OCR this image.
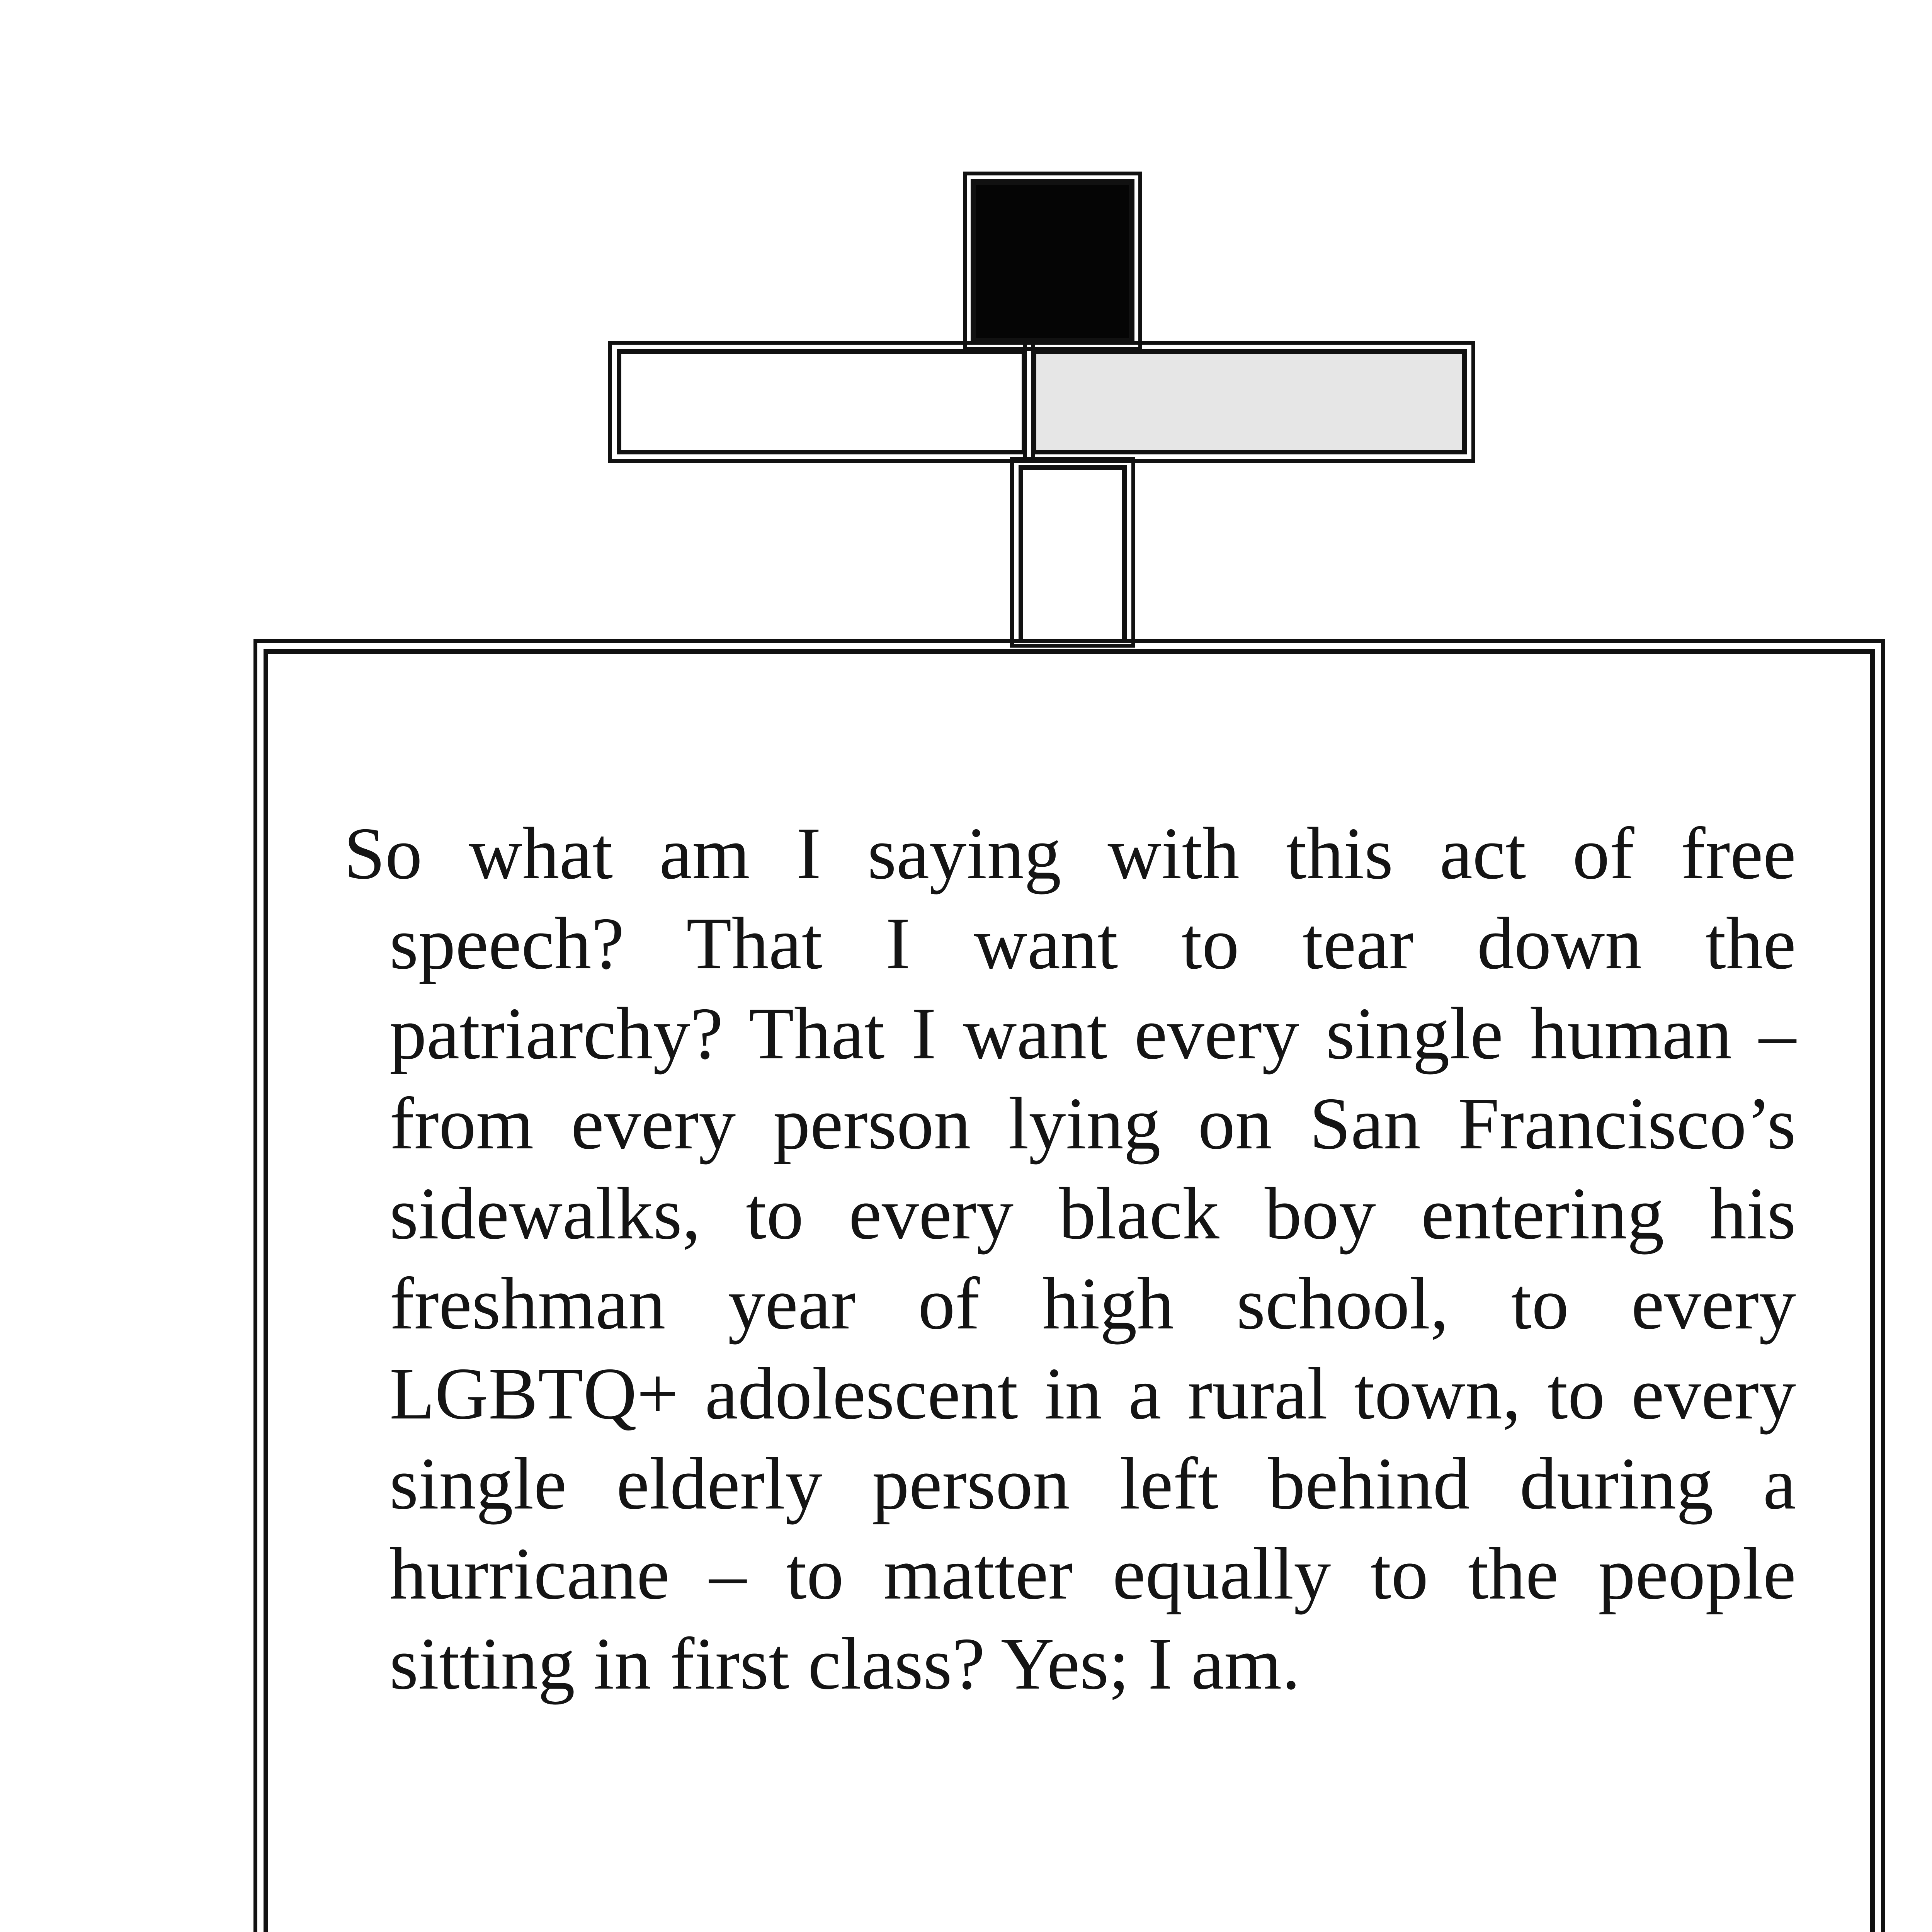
So what am I saying with this act of free speech? That I want to tear down the patriarchy? That I want every single human – from every person lying on San Francisco’s sidewalks, to every black boy entering his freshman year of high school, to every LGBTQ+ adolescent in a rural town, to every single elderly person left behind during a hurricane – to matter equally to the people sitting in first class? Yes; I am.
